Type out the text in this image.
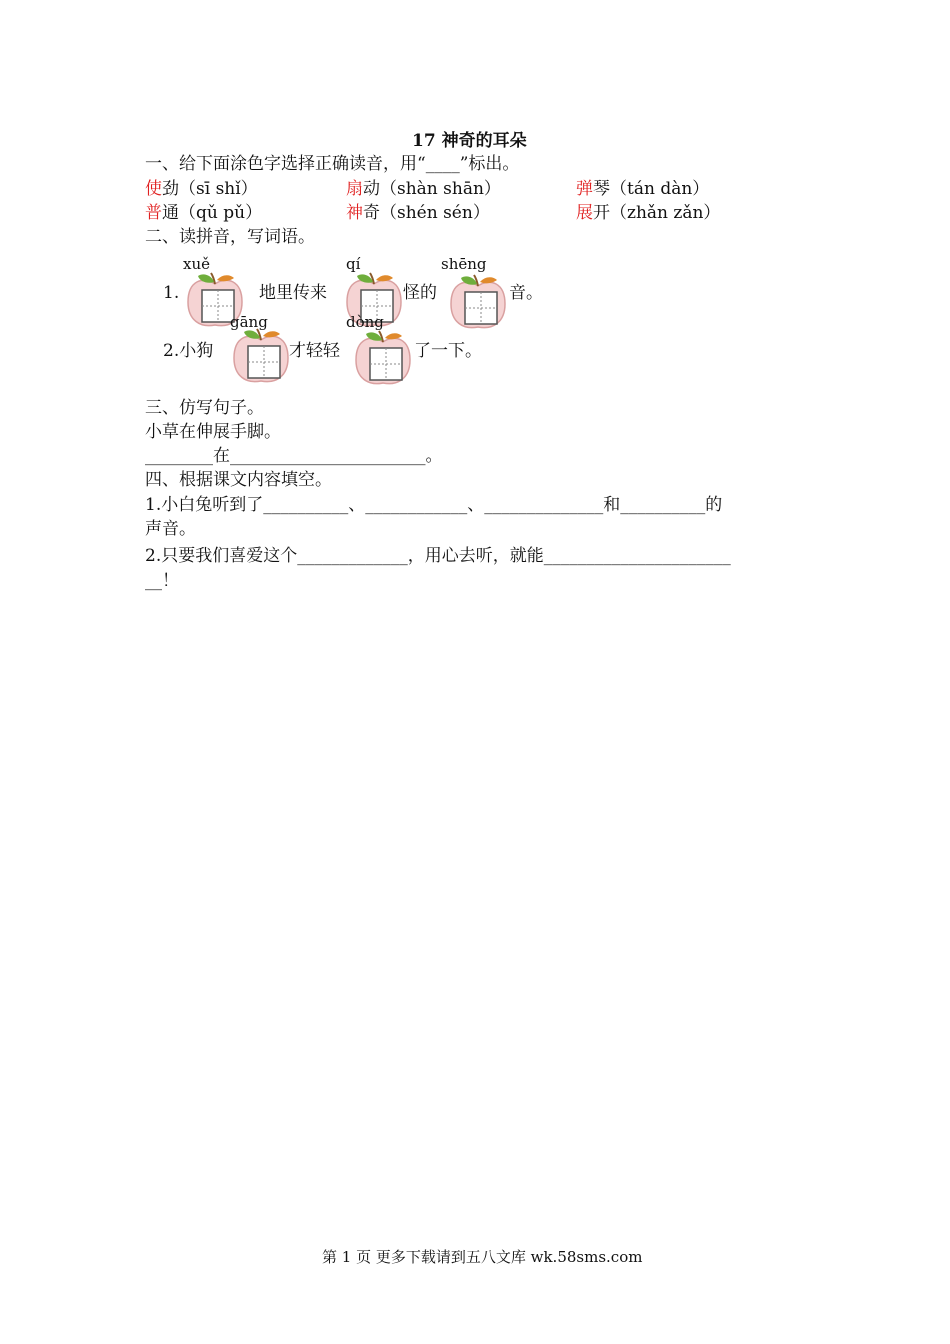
17 神奇的耳朵
一、给下面涂色字选择正确读音，用“____”标出。
使劲（sī shǐ）	扇动（shàn shān）	弹琴（tán dàn）
普通（qǔ pǔ）	神奇（shén sén）	展开（zhǎn zǎn）
二、读拼音，写词语。
xuě	qí	shēng
1.	地里传来	怪的	音。
gāng	dòng
2.小狗	才轻轻	了一下。
三、仿写句子。
小草在伸展手脚。
________在_______________________。
四、根据课文内容填空。
1.小白兔听到了__________、____________、______________和__________的
声音。
2.只要我们喜爱这个_____________，用心去听，就能______________________
__！
第 1 页 更多下载请到五八文库 wk.58sms.com
